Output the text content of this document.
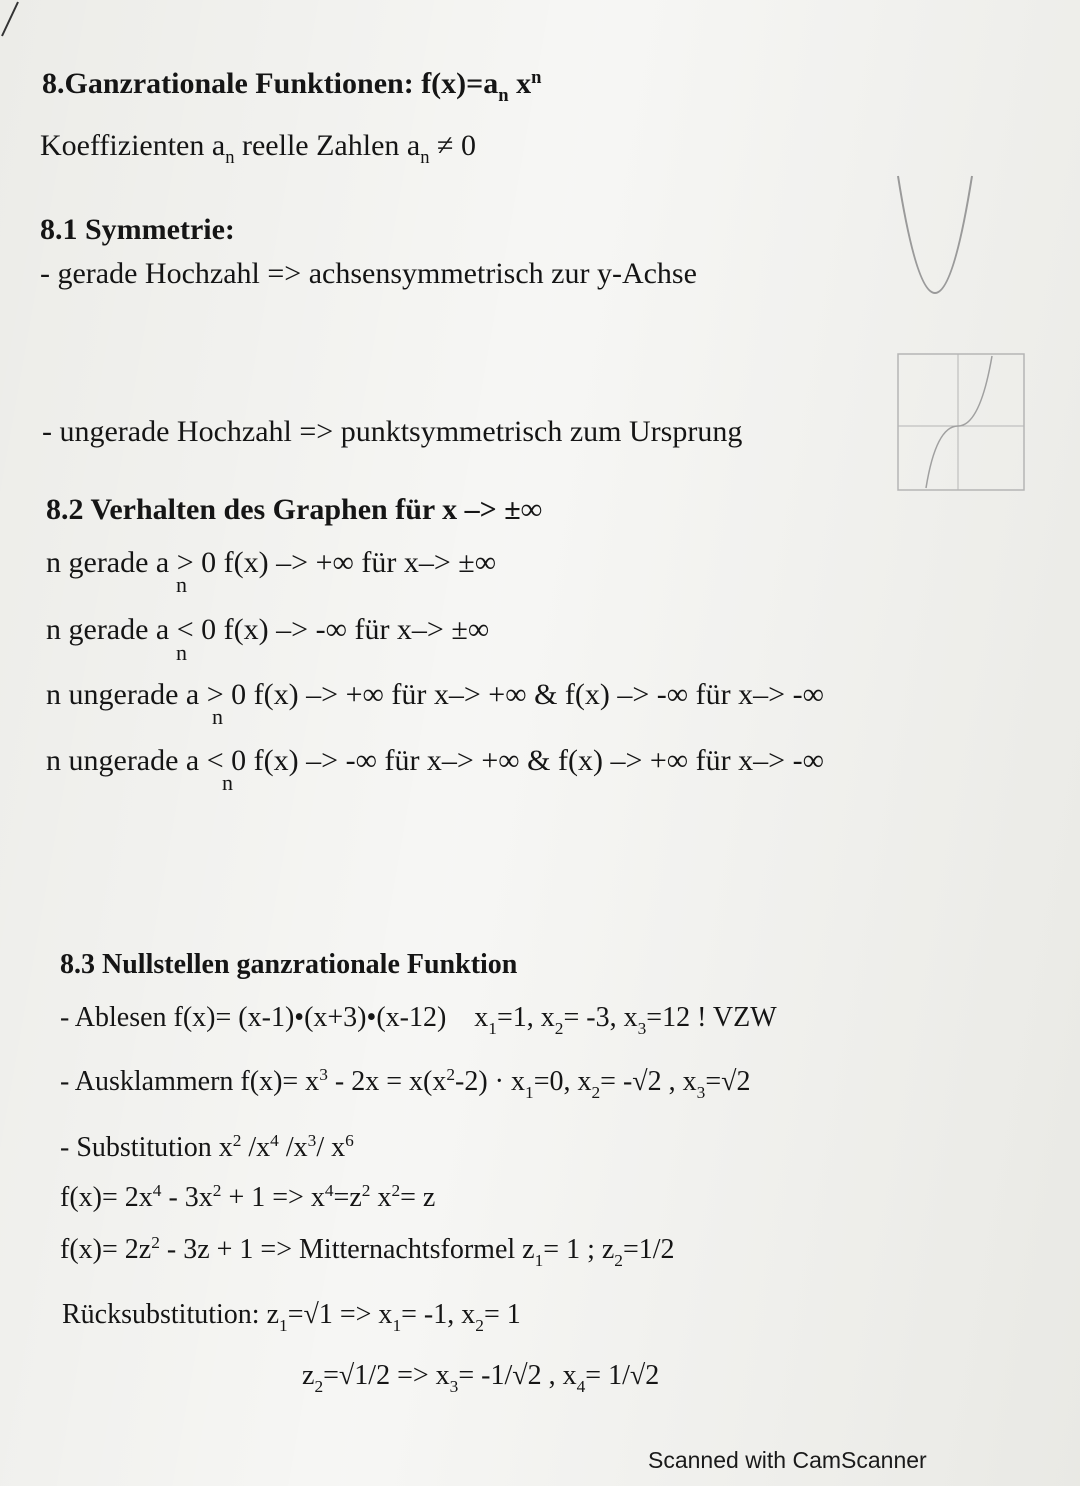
8.Ganzrationale Funktionen: $f(x)=a_n$ $x^n$
Koeffizienten $a_n$ reelle Zahlen $a_n \ne 0$
8.1 Symmetrie:
- gerade Hochzahl => achsensymmetrisch zur y-Achse
- ungerade Hochzahl => punktsymmetrisch zum Ursprung
8.2 Verhalten des Graphen für x –> ±∞
n gerade a > 0 f(x) –> +∞ für x–> ±∞
n
n gerade a < 0 f(x) –> -∞ für x–> ±∞
n
n ungerade a > 0 f(x) –> +∞ für x–> +∞ & f(x) –> -∞ für x–> -∞
n
n ungerade a < 0 f(x) –> -∞ für x–> +∞ & f(x) –> +∞ für x–> -∞
n
8.3 Nullstellen ganzrationale Funktion
- Ablesen f(x)= (x-1)•(x+3)•(x-12) $x_1=1$, $x_2= -3$, $x_3=12$ ! VZW
- Ausklammern $f(x)= x^3 - 2x = x(x^2-2) \cdot x_1=0$, $x_2= -√2$ , $x_3=√2$
- Substitution $x^2$ $/x^4$ $/x^3/$ $x^6$
$f(x)= 2x^4 - 3x^2 + 1 => x^4=z^2$ $x^2= z$
$f(x)= 2z^2 - 3z + 1$ => Mitternachtsformel $z_1= 1$ ; $z_2=1/2$
Rücksubstitution: $z_1=√1 => x_1= -1$, $x_2= 1$
$z_2=√1/2 => x_3= -1/√2$ , $x_4= 1/√2$
Scanned with CamScanner
